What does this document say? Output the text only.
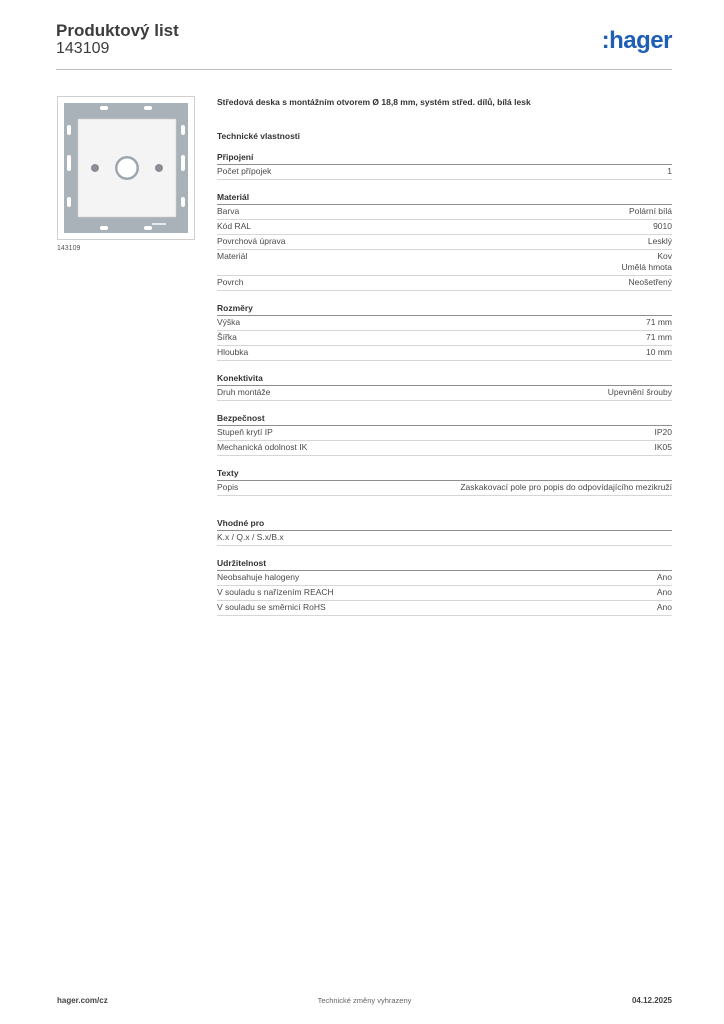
Produktový list
143109	:hager
143109
Středová deska s montážním otvorem Ø 18,8 mm, systém střed. dílů, bílá lesk
Technické vlastnosti
Připojení
Počet přípojek	1
Materiál
Barva	Polární bílá
Kód RAL	9010
Povrchová úprava	Lesklý
Materiál	Kov
Umělá hmota
Povrch	Neošetřený
Rozměry
Výška	71 mm
Šířka	71 mm
Hloubka	10 mm
Konektivita
Druh montáže	Upevnění šrouby
Bezpečnost
Stupeň krytí IP	IP20
Mechanická odolnost IK	IK05
Texty
Popis	Zaskakovací pole pro popis do odpovídajícího mezikruží
Vhodné pro
K.x / Q.x / S.x/B.x
Udržitelnost
Neobsahuje halogeny	Ano
V souladu s nařízením REACH	Ano
V souladu se směrnicí RoHS	Ano
hager.com/cz	Technické změny vyhrazeny	04.12.2025
